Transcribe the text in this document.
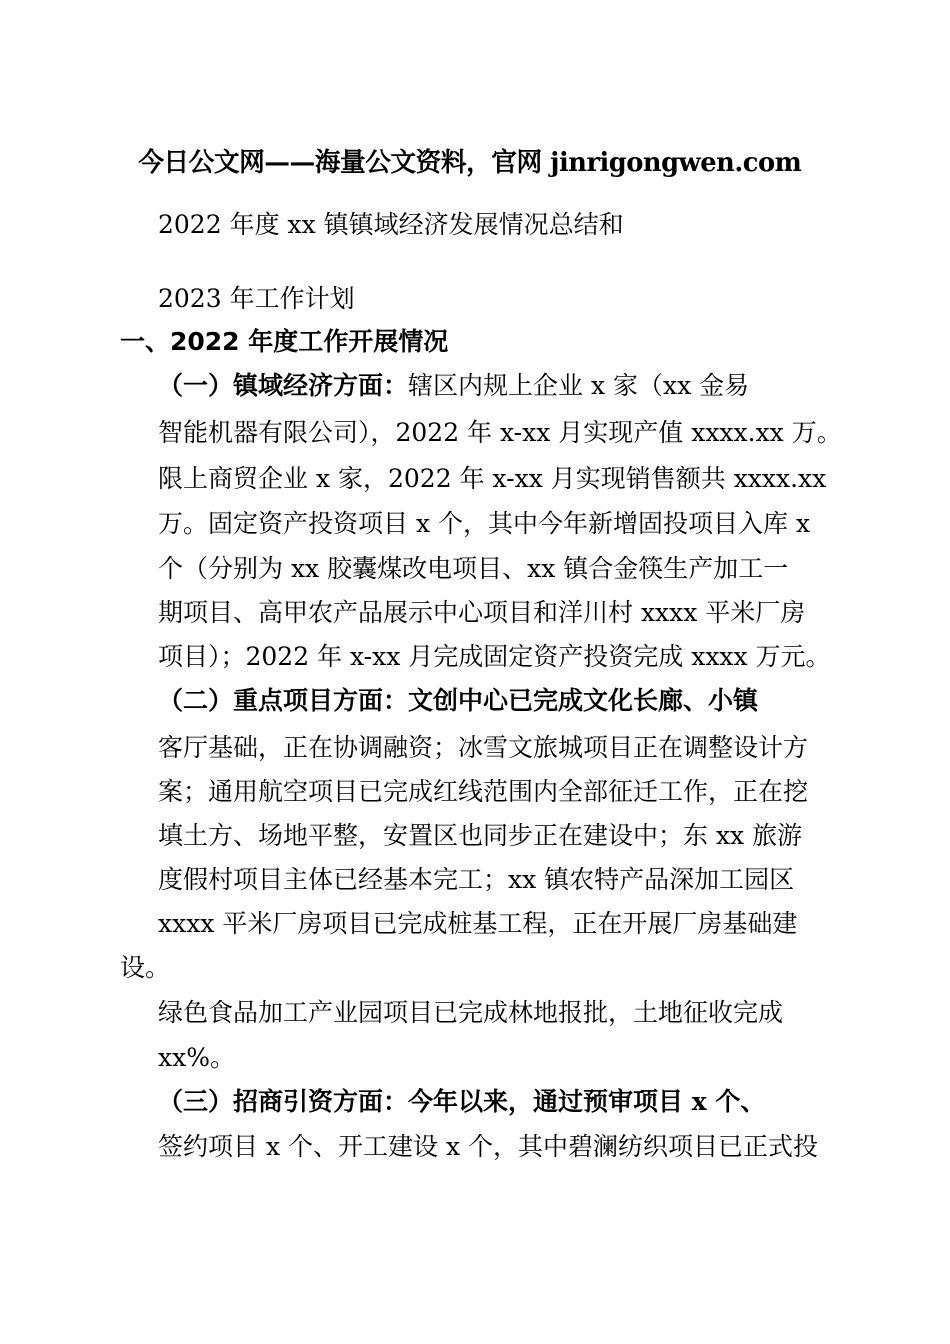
今日公文网——海量公文资料，官网 jinrigongwen.com
2022 年度 xx 镇镇域经济发展情况总结和
2023 年工作计划
一、2022 年度工作开展情况
（一）镇域经济方面：辖区内规上企业 x 家（xx 金易
智能机器有限公司），2022 年 x-xx 月实现产值 xxxx.xx 万。
限上商贸企业 x 家，2022 年 x-xx 月实现销售额共 xxxx.xx
万。固定资产投资项目 x 个，其中今年新增固投项目入库 x
个（分别为 xx 胶囊煤改电项目、xx 镇合金筷生产加工一
期项目、高甲农产品展示中心项目和洋川村 xxxx 平米厂房
项目）；2022 年 x-xx 月完成固定资产投资完成 xxxx 万元。
（二）重点项目方面：文创中心已完成文化长廊、小镇
客厅基础，正在协调融资；冰雪文旅城项目正在调整设计方
案；通用航空项目已完成红线范围内全部征迁工作，正在挖
填土方、场地平整，安置区也同步正在建设中；东 xx 旅游
度假村项目主体已经基本完工；xx 镇农特产品深加工园区
xxxx 平米厂房项目已完成桩基工程，正在开展厂房基础建
设。
绿色食品加工产业园项目已完成林地报批，土地征收完成
xx%。
（三）招商引资方面：今年以来，通过预审项目 x 个、
签约项目 x 个、开工建设 x 个，其中碧澜纺织项目已正式投
